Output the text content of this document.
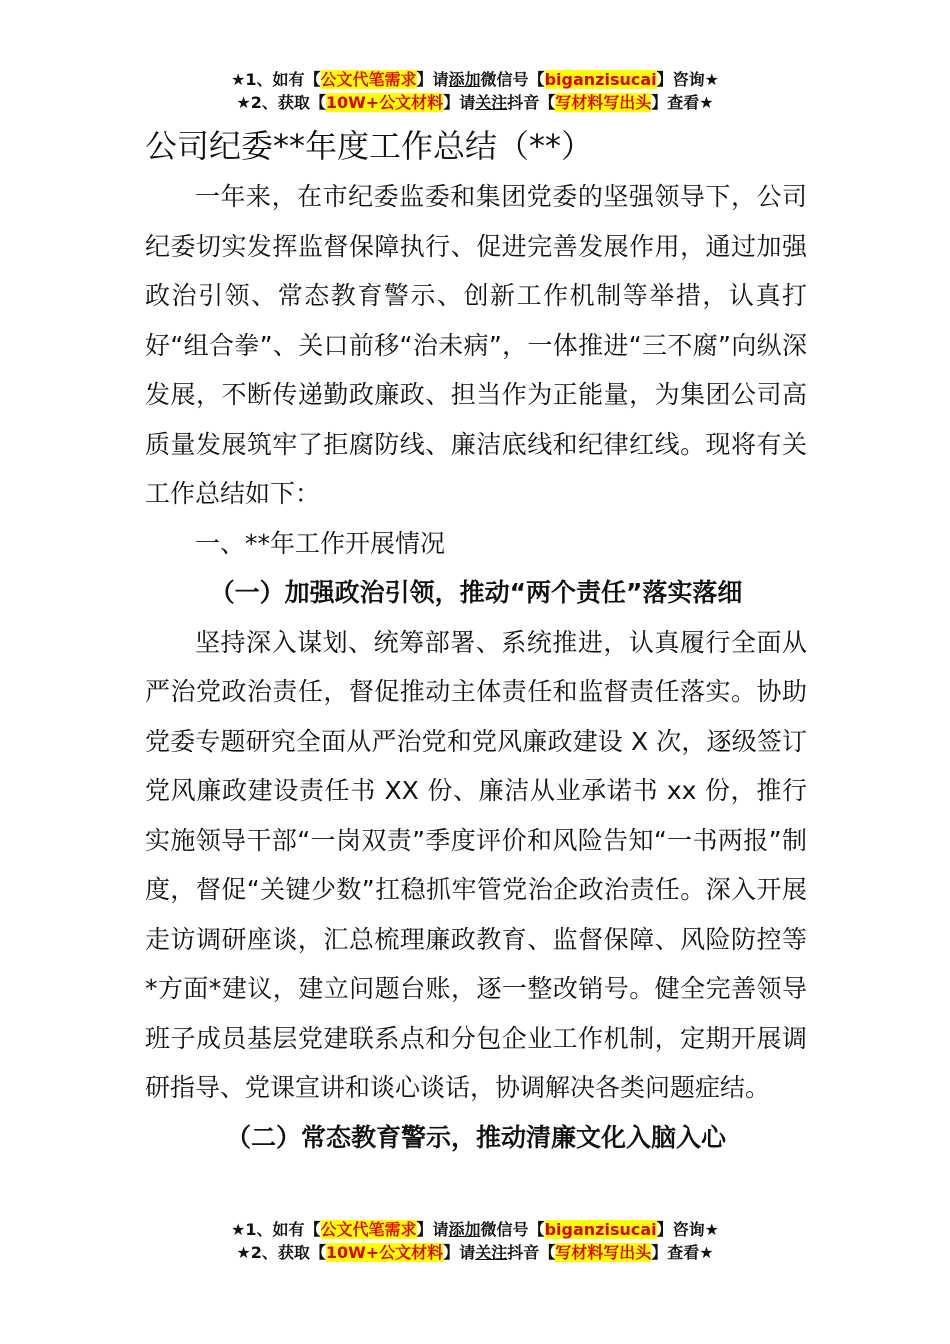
★1、如有【公文代笔需求】请添加微信号【biganzisucai】咨询★
★2、获取【10W+公文材料】请关注抖音【写材料写出头】查看★
公司纪委**年度工作总结（**）

一年来，在市纪委监委和集团党委的坚强领导下，公司纪委切实发挥监督保障执行、促进完善发展作用，通过加强政治引领、常态教育警示、创新工作机制等举措，认真打好“组合拳”、关口前移“治未病”，一体推进“三不腐”向纵深发展，不断传递勤政廉政、担当作为正能量，为集团公司高质量发展筑牢了拒腐防线、廉洁底线和纪律红线。现将有关工作总结如下：

一、**年工作开展情况

（一）加强政治引领，推动“两个责任”落实落细

坚持深入谋划、统筹部署、系统推进，认真履行全面从严治党政治责任，督促推动主体责任和监督责任落实。协助党委专题研究全面从严治党和党风廉政建设 X 次，逐级签订党风廉政建设责任书 XX 份、廉洁从业承诺书 xx 份，推行实施领导干部“一岗双责”季度评价和风险告知“一书两报”制度，督促“关键少数”扛稳抓牢管党治企政治责任。深入开展走访调研座谈，汇总梳理廉政教育、监督保障、风险防控等*方面*建议，建立问题台账，逐一整改销号。健全完善领导班子成员基层党建联系点和分包企业工作机制，定期开展调研指导、党课宣讲和谈心谈话，协调解决各类问题症结。

（二）常态教育警示，推动清廉文化入脑入心

★1、如有【公文代笔需求】请添加微信号【biganzisucai】咨询★
★2、获取【10W+公文材料】请关注抖音【写材料写出头】查看★
